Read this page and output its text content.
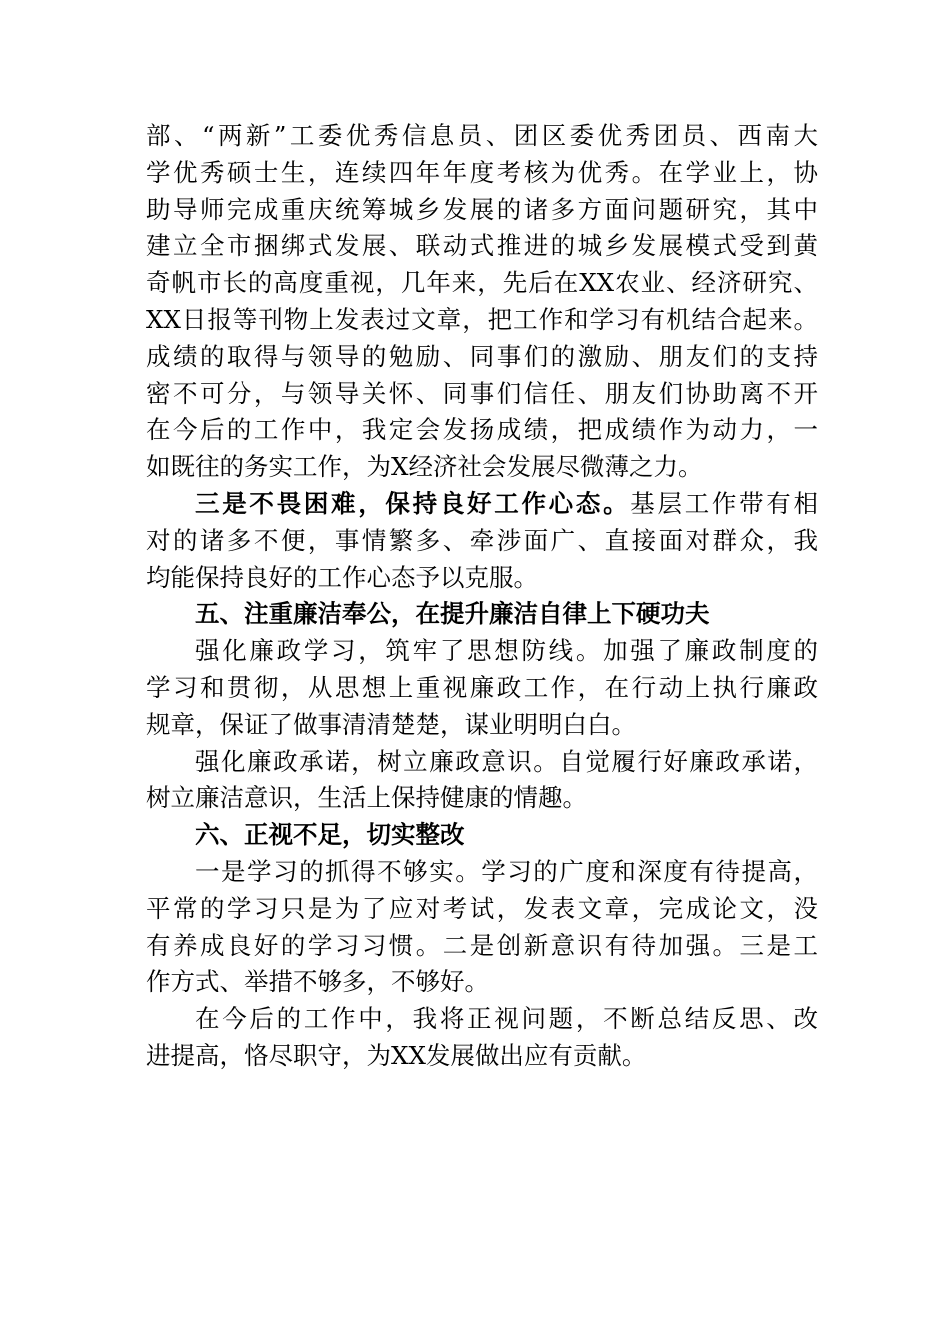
部、“两新”工委优秀信息员、团区委优秀团员、西南大
学优秀硕士生，连续四年年度考核为优秀。在学业上，协
助导师完成重庆统筹城乡发展的诸多方面问题研究，其中
建立全市捆绑式发展、联动式推进的城乡发展模式受到黄
奇帆市长的高度重视，几年来，先后在XX农业、经济研究、
XX日报等刊物上发表过文章，把工作和学习有机结合起来。
成绩的取得与领导的勉励、同事们的激励、朋友们的支持
密不可分，与领导关怀、同事们信任、朋友们协助离不开
在今后的工作中，我定会发扬成绩，把成绩作为动力，一
如既往的务实工作，为X经济社会发展尽微薄之力。
三是不畏困难，保持良好工作心态。基层工作带有相
对的诸多不便，事情繁多、牵涉面广、直接面对群众，我
均能保持良好的工作心态予以克服。
五、注重廉洁奉公，在提升廉洁自律上下硬功夫
强化廉政学习，筑牢了思想防线。加强了廉政制度的
学习和贯彻，从思想上重视廉政工作，在行动上执行廉政
规章，保证了做事清清楚楚，谋业明明白白。
强化廉政承诺，树立廉政意识。自觉履行好廉政承诺，
树立廉洁意识，生活上保持健康的情趣。
六、正视不足，切实整改
一是学习的抓得不够实。学习的广度和深度有待提高，
平常的学习只是为了应对考试，发表文章，完成论文，没
有养成良好的学习习惯。二是创新意识有待加强。三是工
作方式、举措不够多，不够好。
在今后的工作中，我将正视问题，不断总结反思、改
进提高，恪尽职守，为XX发展做出应有贡献。
